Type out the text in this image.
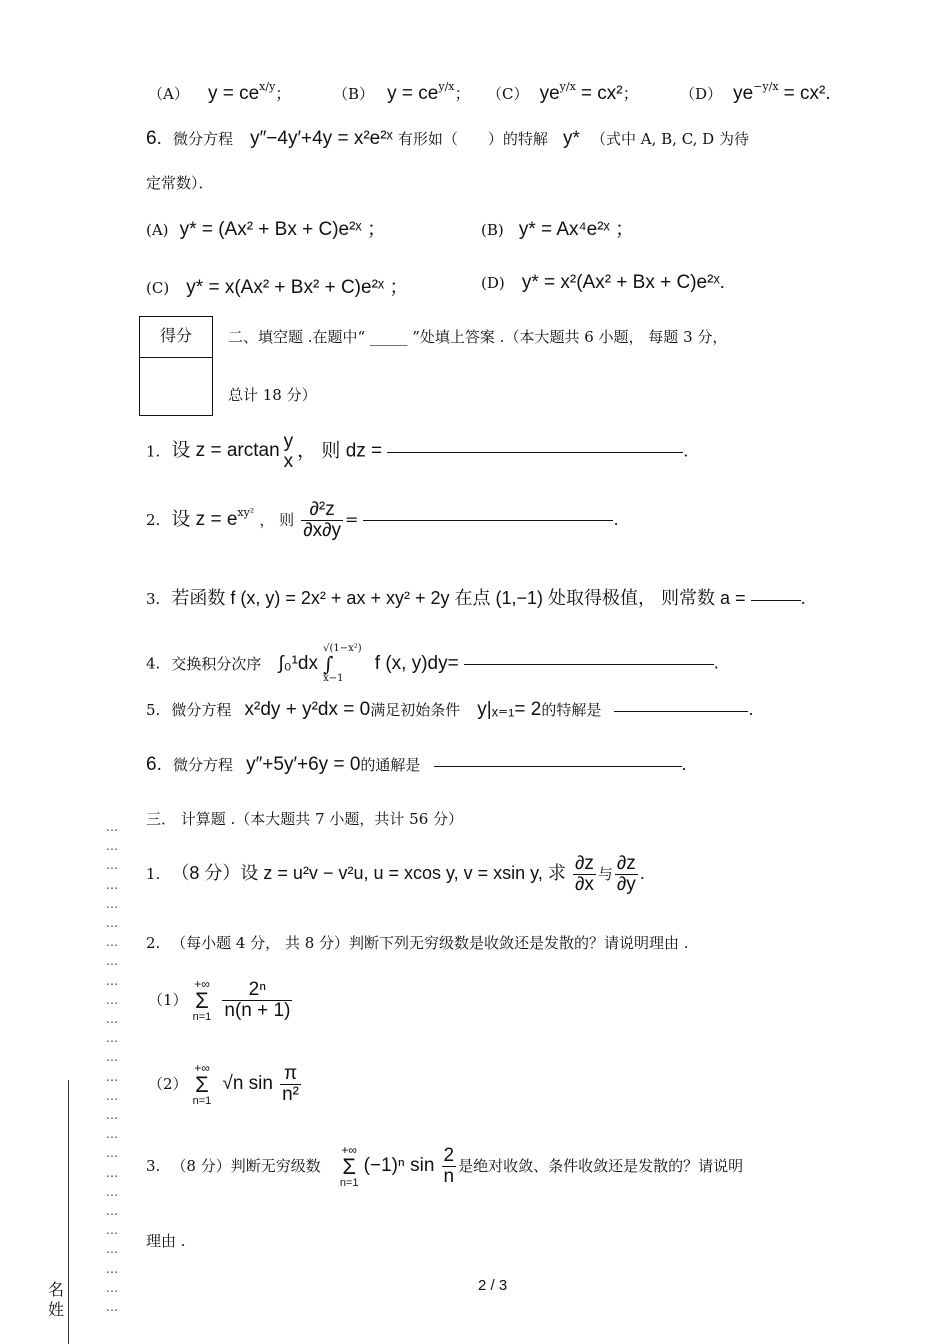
（A） $y = ce^{x/y}$；	（B） $y = ce^{y/x}$； （C） $ye^{y/x} = cx^2$；	（D） $ye^{-y/x} = cx^2$.
6. 微分方程 y″−4y′+4y = x²e²ˣ 有形如（　　）的特解 y* （式中 A, B, C, D 为待
定常数）．
(A) y* = (Ax² + Bx + C)e²ˣ ；	(B) y* = Ax⁴e²ˣ ；
(C) y* = x(Ax² + Bx² + C)e²ˣ ；	(D) y* = x²(Ax² + Bx + C)e²ˣ.
得分	二、填空题 .在题中“ _____ ”处填上答案 .（本大题共 6 小题， 每题 3 分，
总计 18 分）
1. 设 z = arctan y
x ， 则 dz =	.
2. 设 $z = e^{xy^2}$ ， 则 $\frac{\text{∂²z}}{\partial x\partial y}$ =	.
3. 若函数 f (x, y) = 2x² + ax + xy² + 2y 在点 (1,−1) 处取得极值， 则常数 a =	.
4. 交换积分次序 ∫₀¹dx
√(1−x²)
∫
x−1
f (x, y)dy=	.
5. 微分方程 x²dy + y²dx = 0满足初始条件 y|ₓ₌₁= 2的特解是	.
6. 微分方程 y″+5y′+6y = 0的通解是	.
三． 计算题 .（本大题共 7 小题，共计 56 分）
1. （8 分）设 z = u²v − v²u, u = xcos y, v = xsin y, 求 $\frac{\partial z}{\partial x}$ 与 $\frac{\partial z}{\partial y}$ .
2. （每小题 4 分， 共 8 分）判断下列无穷级数是收敛还是发散的？请说明理由 .
（1）
+∞
Σ
n=1
$\frac{\text{2ⁿ}}{n(n + 1)}$
（2）
+∞
Σ
n=1
√n $\sin \frac{\pi}{\text{n²}}$
3. （8 分）判断无穷级数
+∞
Σ
n=1
(−1)ⁿ $\sin \frac{2}{n}$ 是绝对收敛、条件收敛还是发散的？请说明
理由 .
…
…
…
…
…
…
…
…
…
…
…
…
…
…
…
…
…
…
…
…
…
…
…
…
…
…
名
姓
2 / 3
